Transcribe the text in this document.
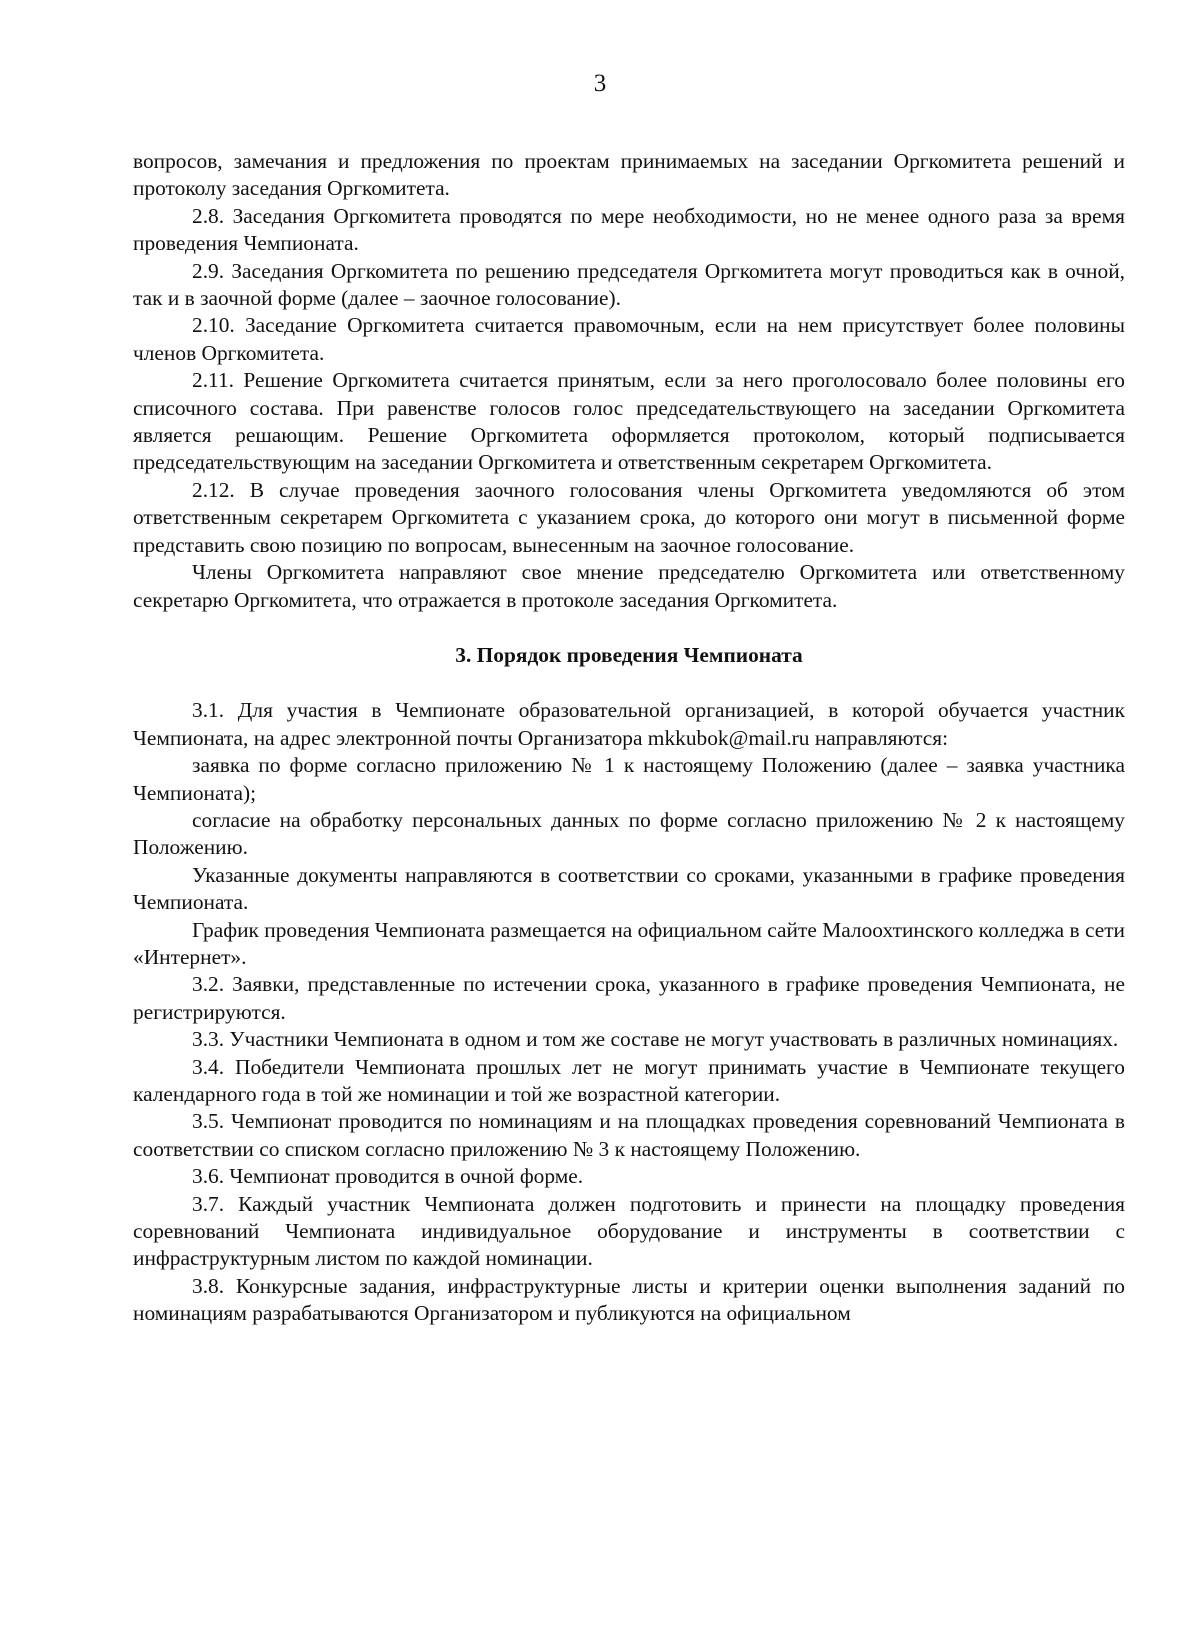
3

вопросов, замечания и предложения по проектам принимаемых на заседании Оргкомитета решений и протоколу заседания Оргкомитета.

2.8. Заседания Оргкомитета проводятся по мере необходимости, но не менее одного раза за время проведения Чемпионата.

2.9. Заседания Оргкомитета по решению председателя Оргкомитета могут проводиться как в очной, так и в заочной форме (далее – заочное голосование).

2.10. Заседание Оргкомитета считается правомочным, если на нем присутствует более половины членов Оргкомитета.

2.11. Решение Оргкомитета считается принятым, если за него проголосовало более половины его списочного состава. При равенстве голосов голос председательствующего на заседании Оргкомитета является решающим. Решение Оргкомитета оформляется протоколом, который подписывается председательствующим на заседании Оргкомитета и ответственным секретарем Оргкомитета.

2.12. В случае проведения заочного голосования члены Оргкомитета уведомляются об этом ответственным секретарем Оргкомитета с указанием срока, до которого они могут в письменной форме представить свою позицию по вопросам, вынесенным на заочное голосование.

Члены Оргкомитета направляют свое мнение председателю Оргкомитета или ответственному секретарю Оргкомитета, что отражается в протоколе заседания Оргкомитета.

3. Порядок проведения Чемпионата

3.1. Для участия в Чемпионате образовательной организацией, в которой обучается участник Чемпионата, на адрес электронной почты Организатора mkkubok@mail.ru направляются:

заявка по форме согласно приложению № 1 к настоящему Положению (далее – заявка участника Чемпионата);

согласие на обработку персональных данных по форме согласно приложению № 2 к настоящему Положению.

Указанные документы направляются в соответствии со сроками, указанными в графике проведения Чемпионата.

График проведения Чемпионата размещается на официальном сайте Малоохтинского колледжа в сети «Интернет».

3.2. Заявки, представленные по истечении срока, указанного в графике проведения Чемпионата, не регистрируются.

3.3. Участники Чемпионата в одном и том же составе не могут участвовать в различных номинациях.

3.4. Победители Чемпионата прошлых лет не могут принимать участие в Чемпионате текущего календарного года в той же номинации и той же возрастной категории.

3.5. Чемпионат проводится по номинациям и на площадках проведения соревнований Чемпионата в соответствии со списком согласно приложению № 3 к настоящему Положению.

3.6. Чемпионат проводится в очной форме.

3.7. Каждый участник Чемпионата должен подготовить и принести на площадку проведения соревнований Чемпионата индивидуальное оборудование и инструменты в соответствии с инфраструктурным листом по каждой номинации.

3.8. Конкурсные задания, инфраструктурные листы и критерии оценки выполнения заданий по номинациям разрабатываются Организатором и публикуются на официальном
